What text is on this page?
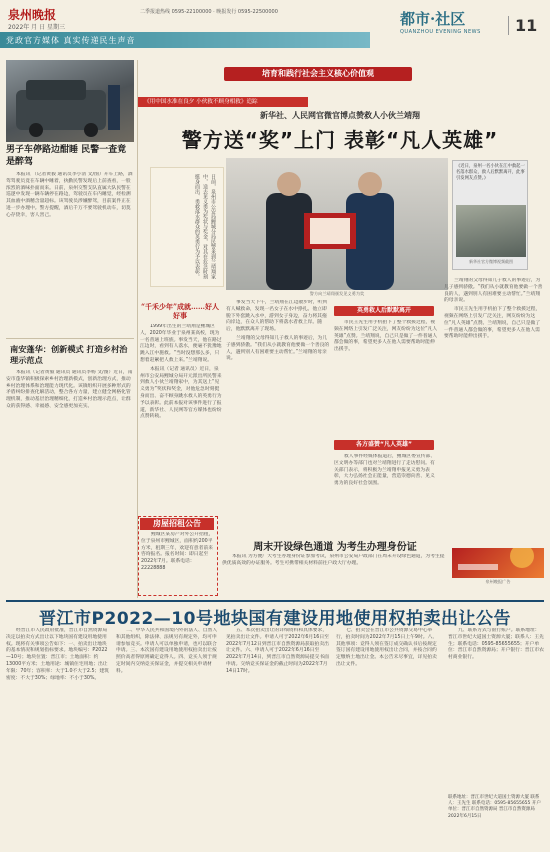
泉州晚报
2022年 月 日 星期三
二季报道热线 0595-22100000 · 晚报发行 0595-22500000
党政官方媒体 真实传递民生声音
都市·社区
QUANZHOU EVENING NEWS	11
男子车停路边酣睡 民警一查竟是醉驾

本报讯 （记者黄毅 通讯员李小清 文/图）开车上路，酒驾驾驶员竟在车辆中睡着，执勤民警发现后上前查看，一股浓烈的酒味扑面而来。日前，泉州交警支队直属大队民警在巡逻中发现一辆车辆停在路边，驾驶员在车内睡觉，经检测其血液中酒精含量超标。该驾驶员涉嫌醉驾，目前案件正在进一步办理中。警方提醒，酒后千万不要驾驶机动车，切莫心存侥幸，害人害己。

南安蓬华：创新模式 打造乡村治理示范点

本报讯（记者黄毅 通讯员 通讯员李杨 文/图）近日，南安市蓬华镇积极探索乡村治理新模式，创新治理方式，推动乡村治理体系和治理能力现代化。该镇组织开展多种形式的矛盾纠纷排查化解活动，整合各方力量，建立健全网格化管理机制，推动基层治理精细化，打造乡村治理示范点，让群众的获得感、幸福感、安全感更加充实。

培育和践行社会主义核心价值观
《用中国水准在良夕 小伙救不顾身相救》追踪
新华社、人民网官微官博点赞救人小伙兰靖翔
警方送“奖”上门 表彰“凡人英雄”
日前，泉州市公安局鲤城分局民警来到兰靖翔家中，送去见义勇为奖状与奖金，对其在危急时刻挺身而出、勇救落水群众的英勇行为予以表彰。
警方向兰靖翔颁发见义勇为奖
《近日，泉州一名小伙在江中救起一名落水群众，救人后默默离开，此事引发网友点赞。》
新华社官方微博视频截图
“千禾少年”成就……好人好事

1999年出生的兰靖翔是鲤城区人，2020年毕业于泉州某高校，现为一名普通上班族。事发当天，他在路过江边时，看到有人落水，便毫不犹豫地跳入江中施救。“当时没想那么多，只想着赶紧把人救上来。”兰靖翔说。

本报讯（记者 通讯员）近日，泉州市公安局鲤城分局开元派出所民警来到救人小伙兰靖翔家中，为其送上“见义勇为”奖状和奖金，对他危急时刻挺身而出、奋不顾身跳水救人的英勇行为予以表彰。此前本报对该事件进行了报道，新华社、人民网等官方媒体也纷纷点赞转载。

事发当天下午，兰靖翔在江边散步时，听到有人喊救命，发现一名女子在水中挣扎。他立即脱下外套跳入水中，游到女子身边，奋力将其拖向岸边，在众人的帮助下将落水者救上岸。随后，他默默离开了现场。

兰靖翔的父母得知儿子救人的事迹后，为儿子感到骄傲。“我们从小就教育他要做一个善良的人，遇到别人有困难要主动帮忙。”兰靖翔的母亲说。

英勇救人后默默离开

市民王先生用手机拍下了整个救援过程，视频在网络上引发广泛关注，网友纷纷为这位“凡人英雄”点赞。兰靖翔说，自己只是做了一件普通人都会做的事，希望更多人在他人需要帮助时能伸出援手。

各方盛赞“凡人英雄”

救人事件经媒体报道后，鲤城区委宣传部、区文明办等部门也对兰靖翔进行了走访慰问。有关部门表示，将积极为兰靖翔申报见义勇为表彰，大力弘扬社会正能量，营造崇德向善、见义勇为的良好社会氛围。

兰靖翔的父母得知儿子救人的事迹后，为儿子感到骄傲。“我们从小就教育他要做一个善良的人，遇到别人有困难要主动帮忙。”兰靖翔的母亲说。

市民王先生用手机拍下了整个救援过程，视频在网络上引发广泛关注，网友纷纷为这位“凡人英雄”点赞。兰靖翔说，自己只是做了一件普通人都会做的事，希望更多人在他人需要帮助时能伸出援手。

房屋招租公告

鲤城区某房产对外公开招租，位于泉州市鲤城区，面积约200平方米，租期三年，欢迎有意者前来咨询报名。报名时间：即日起至2022年7月。联系电话：22228888

周末开设绿色通道 为考生办理身份证

本报讯 为方便广大考生办理身份证参加考试，泉州市公安局户政部门在周末开设绿色通道，为考生提供优质高效的办证服务。考生可携带相关材料前往户政大厅办理。

泉州晚报广告
晋江市P2022—10号地块国有建设用地使用权拍卖出让公告

经晋江市人民政府批准，晋江市自然资源局决定以拍卖方式出让以下地块国有建设用地使用权。现将有关事项公告如下：一、拍卖出让地块的基本情况和规划指标要求。地块编号：P2022—10号；地块位置：晋江市；土地面积：约13000平方米；土地用途：城镇住宅用地；出让年限：70年；容积率：大于1.0不大于2.5；建筑密度：不大于30%；绿地率：不小于30%。

二、中华人民共和国境内外的法人、自然人和其他组织，除法律、法规另有规定外，均可申请参加竞买。申请人可以单独申请，也可以联合申请。三、本次国有建设用地使用权拍卖出让按照价高者得原则确定竞得人。四、竞买人须于规定时间内交纳竞买保证金，并提交相关申请材料。

五、本次拍卖出让的详细资料和具体要求，见拍卖出让文件。申请人可于2022年6月16日至2022年7月12日到晋江市自然资源局获取拍卖出让文件。六、申请人可于2022年6月16日至2022年7月14日，到晋江市自然资源局提交书面申请。交纳竞买保证金的截止时间为2022年7月14日17时。

七、拍卖会在晋江市公共资源交易中心举行，拍卖时间为2022年7月15日上午9时。八、其他事项：竞得人须在签订成交确认书后按规定签订国有建设用地使用权出让合同，并按合同约定缴纳土地出让金。本公告未尽事宜，详见拍卖出让文件。

九、联系方式与银行账户。联系地址：晋江市世纪大道国土资源大厦；联系人：王先生；联系电话：0595-85655655；开户单位：晋江市自然资源局；开户银行：晋江市农村商业银行。

联系地址：晋江市世纪大道国土资源大厦 联系人：王先生 联系电话：0595-85655655 开户单位：晋江市自然资源局 晋江市自然资源局 2022年6月15日
